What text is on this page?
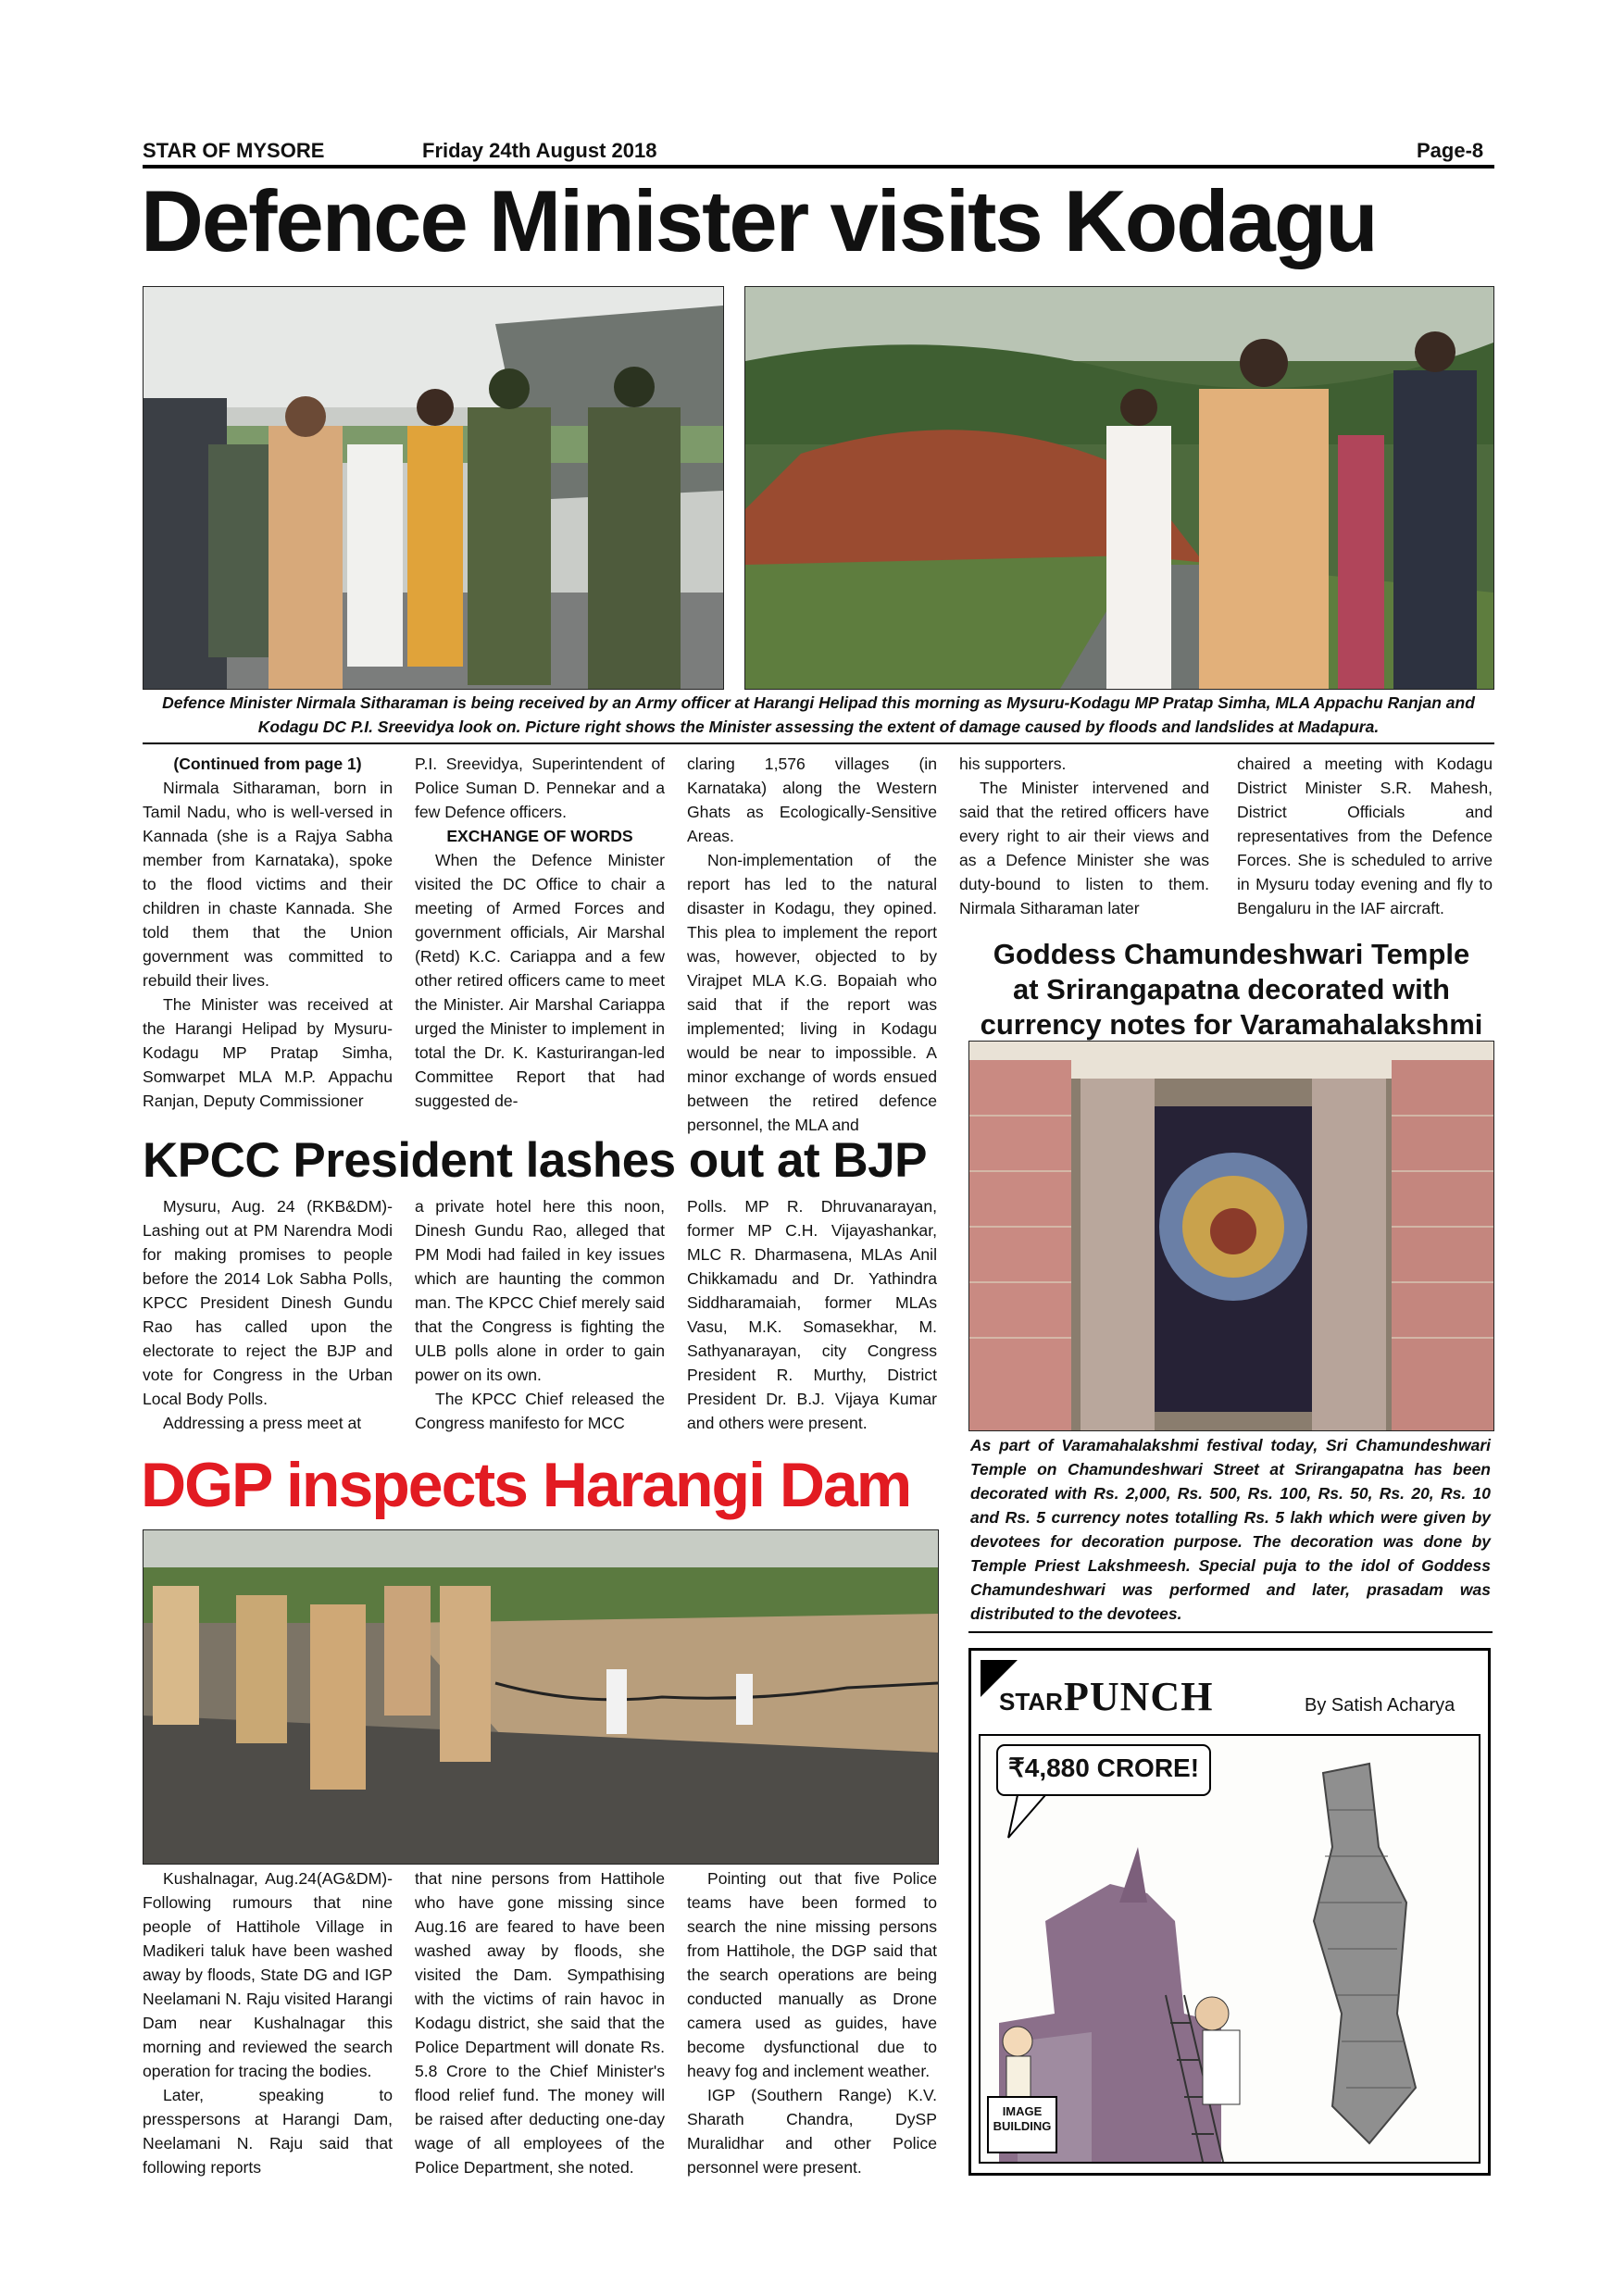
STAR OF MYSORE	Friday 24th August 2018	Page-8
Defence Minister visits Kodagu
Defence Minister Nirmala Sitharaman is being received by an Army officer at Harangi Helipad this morning as Mysuru-Kodagu MP Pratap Simha, MLA Appachu Ranjan and Kodagu DC P.I. Sreevidya look on. Picture right shows the Minister assessing the extent of damage caused by floods and landslides at Madapura.

(Continued from page 1)

Nirmala Sitharaman, born in Tamil Nadu, who is well-versed in Kannada (she is a Rajya Sabha member from Karnataka), spoke to the flood victims and their children in chaste Kannada. She told them that the Union government was committed to rebuild their lives.

The Minister was received at the Harangi Helipad by Mysuru-Kodagu MP Pratap Simha, Somwarpet MLA M.P. Appachu Ranjan, Deputy Commissioner

P.I. Sreevidya, Superintendent of Police Suman D. Pennekar and a few Defence officers.

EXCHANGE OF WORDS

When the Defence Minister visited the DC Office to chair a meeting of Armed Forces and government officials, Air Marshal (Retd) K.C. Cariappa and a few other retired officers came to meet the Minister. Air Marshal Cariappa urged the Minister to implement in total the Dr. K. Kasturirangan-led Committee Report that had suggested de-

claring 1,576 villages (in Karnataka) along the Western Ghats as Ecologically-Sensitive Areas.

Non-implementation of the report has led to the natural disaster in Kodagu, they opined. This plea to implement the report was, however, objected to by Virajpet MLA K.G. Bopaiah who said that if the report was implemented; living in Kodagu would be near to impossible. A minor exchange of words ensued between the retired defence personnel, the MLA and

his supporters.

The Minister intervened and said that the retired officers have every right to air their views and as a Defence Minister she was duty-bound to listen to them. Nirmala Sitharaman later

chaired a meeting with Kodagu District Minister S.R. Mahesh, District Officials and representatives from the Defence Forces. She is scheduled to arrive in Mysuru today evening and fly to Bengaluru in the IAF aircraft.

Goddess Chamundeshwari Temple
at Srirangapatna decorated with
currency notes for Varamahalakshmi
As part of Varamahalakshmi festival today, Sri Chamundeshwari Temple on Chamundeshwari Street at Srirangapatna has been decorated with Rs. 2,000, Rs. 500, Rs. 100, Rs. 50, Rs. 20, Rs. 10 and Rs. 5 currency notes totalling Rs. 5 lakh which were given by devotees for decoration purpose. The decoration was done by Temple Priest Lakshmeesh. Special puja to the idol of Goddess Chamundeshwari was performed and later, prasadam was distributed to the devotees.
KPCC President lashes out at BJP

Mysuru, Aug. 24 (RKB&DM)- Lashing out at PM Narendra Modi for making promises to people before the 2014 Lok Sabha Polls, KPCC President Dinesh Gundu Rao has called upon the electorate to reject the BJP and vote for Congress in the Urban Local Body Polls.

Addressing a press meet at

a private hotel here this noon, Dinesh Gundu Rao, alleged that PM Modi had failed in key issues which are haunting the common man. The KPCC Chief merely said that the Congress is fighting the ULB polls alone in order to gain power on its own.

The KPCC Chief released the Congress manifesto for MCC

Polls. MP R. Dhruvanarayan, former MP C.H. Vijayashankar, MLC R. Dharmasena, MLAs Anil Chikkamadu and Dr. Yathindra Siddharamaiah, former MLAs Vasu, M.K. Somasekhar, M. Sathyanarayan, city Congress President R. Murthy, District President Dr. B.J. Vijaya Kumar and others were present.

DGP inspects Harangi Dam

Kushalnagar, Aug.24(AG&DM)- Following rumours that nine people of Hattihole Village in Madikeri taluk have been washed away by floods, State DG and IGP Neelamani N. Raju visited Harangi Dam near Kushalnagar this morning and reviewed the search operation for tracing the bodies.

Later, speaking to presspersons at Harangi Dam, Neelamani N. Raju said that following reports

that nine persons from Hattihole who have gone missing since Aug.16 are feared to have been washed away by floods, she visited the Dam. Sympathising with the victims of rain havoc in Kodagu district, she said that the Police Department will donate Rs. 5.8 Crore to the Chief Minister's flood relief fund. The money will be raised after deducting one-day wage of all employees of the Police Department, she noted.

Pointing out that five Police teams have been formed to search the nine missing persons from Hattihole, the DGP said that the search operations are being conducted manually as Drone camera used as guides, have become dysfunctional due to heavy fog and inclement weather.

IGP (Southern Range) K.V. Sharath Chandra, DySP Muralidhar and other Police personnel were present.

STAR PUNCH	By Satish Acharya
₹4,880 CRORE!
IMAGE BUILDING
